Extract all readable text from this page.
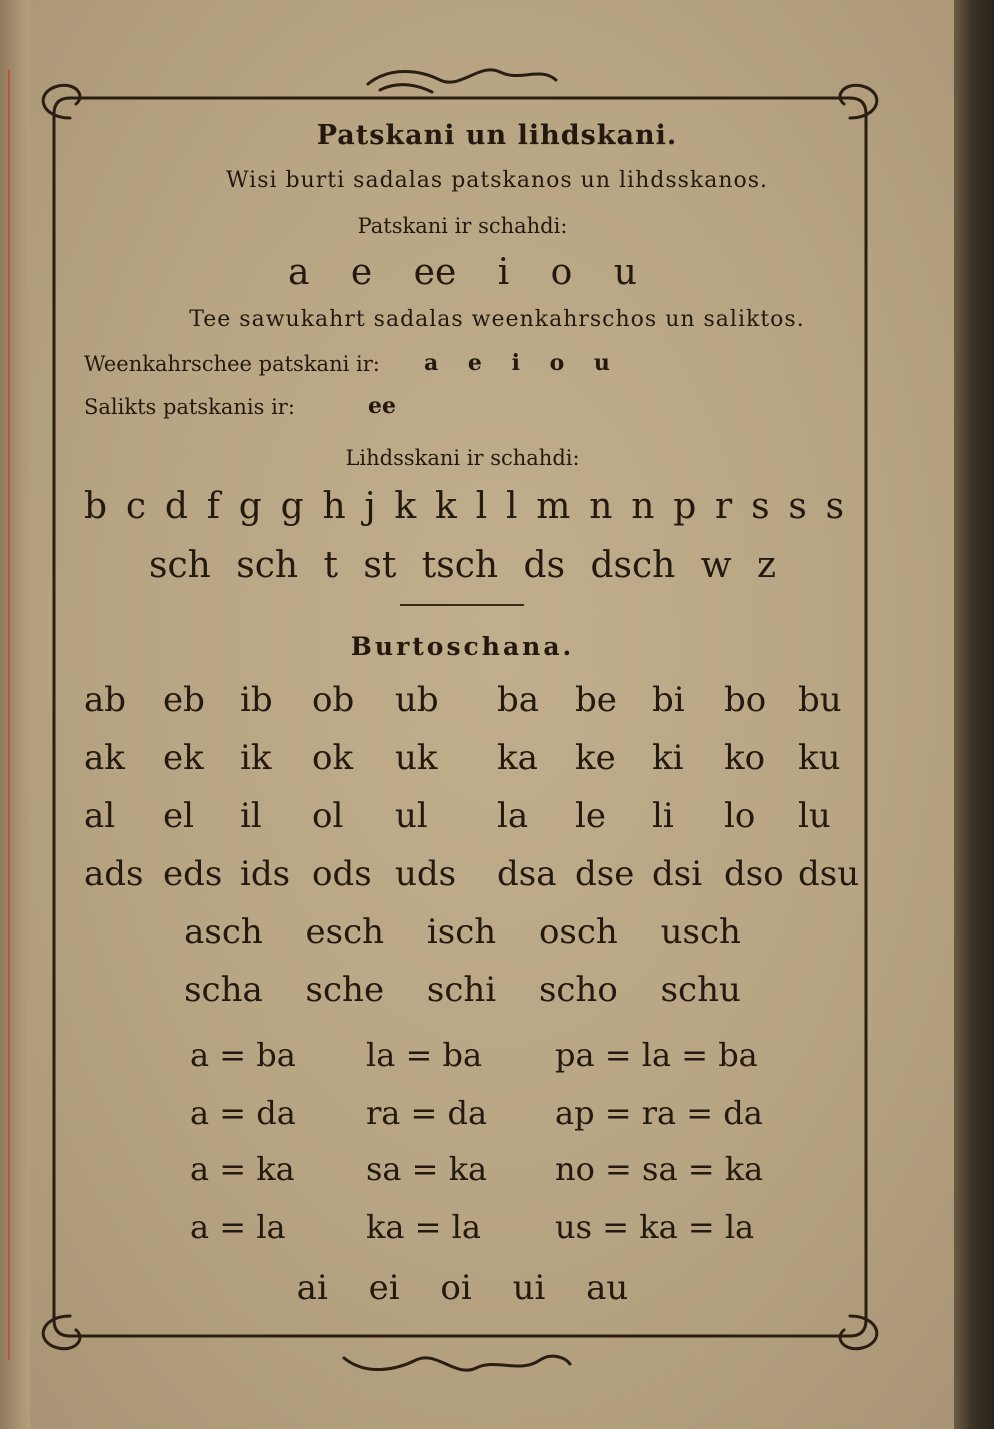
Patskani un lihdskani.

Wisi burti sadalas patskanos un lihdsskanos.

Patskani ir schahdi:

a e ee i o u

Tee sawukahrt sadalas weenkahrschos un saliktos.

Weenkahrschee patskani ir: a e i o u

Salikts patskanis ir:	ee

Lihdsskani ir schahdi:

b c d f g g h j k k l l m n n p r s s s

sch sch t st tsch ds dsch w z

Burtoschana.

ab eb ib ob ub ba be bi bo bu

ak ek ik ok uk ka ke ki ko ku

al el il ol ul la le li lo lu

ads eds ids ods uds dsa dse dsi dso dsu

asch esch isch osch usch

scha sche schi scho schu

a = ba la = ba pa = la = ba

a = da ra = da ap = ra = da

a = ka sa = ka no = sa = ka

a = la	ka = la us = ka = la

ai ei oi ui au
